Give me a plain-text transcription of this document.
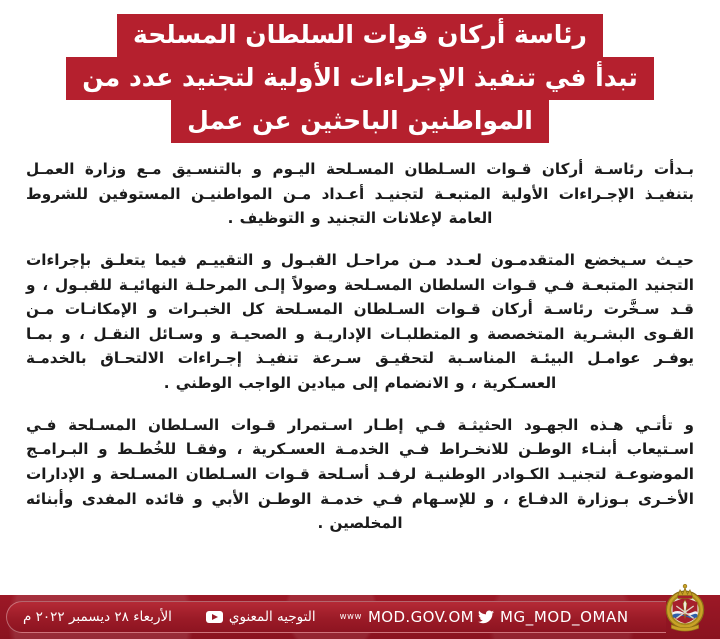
رئاسة أركان قوات السلطان المسلحة
تبدأ في تنفيذ الإجراءات الأولية لتجنيد عدد من
المواطنين الباحثين عن عمل

بـدأت رئاسـة أركان قـوات السـلطان المسـلحة اليـوم و بالتنسـيق مـع وزارة العمـل بتنفيـذ الإجـراءات الأولية المتبعـة لتجنيـد أعـداد مـن المواطنيـن المستوفين للشروط العامة لإعلانات التجنيد و التوظيف .

حيـث سـيخضع المتقدمـون لعـدد مـن مراحـل القبـول و التقييـم فيما يتعلـق بإجراءات التجنيد المتبعـة فـي قـوات السلطان المسـلحة وصولاً إلـى المرحلـة النهائيـة للقبـول ، و قـد سـخَّرت رئاسـة أركان قـوات السـلطان المسـلحة كل الخبـرات و الإمكانـات مـن القـوى البشـرية المتخصصة و المتطلبـات الإداريـة و الصحيـة و وسـائل النقـل ، و بمـا يوفـر عوامـل البيئـة المناسـبة لتحقيـق سـرعة تنفيـذ إجـراءات الالتحـاق بالخدمـة العسـكرية ، و الانضمام إلى ميادين الواجب الوطني .

و تأتـي هـذه الجهـود الحثيثـة فـي إطـار اسـتمرار قـوات السـلطان المسـلحة فـي اسـتيعاب أبنـاء الوطـن للانخـراط فـي الخدمـة العسـكرية ، وفقـا للخُطـط و البـرامـج الموضوعـة لتجنيـد الكـوادر الوطنيـة لرفـد أسـلحة قـوات السـلطان المسـلحة و الإدارات الأخـرى بـوزارة الدفـاع ، و للإسـهام فـي خدمـة الوطـن الأبي و قائده المفدى وأبنائه المخلصين .

الأربعاء ٢٨ ديسمبر ٢٠٢٢ م	التوجيه المعنوي	www MOD.GOV.OM MG_MOD_OMAN
